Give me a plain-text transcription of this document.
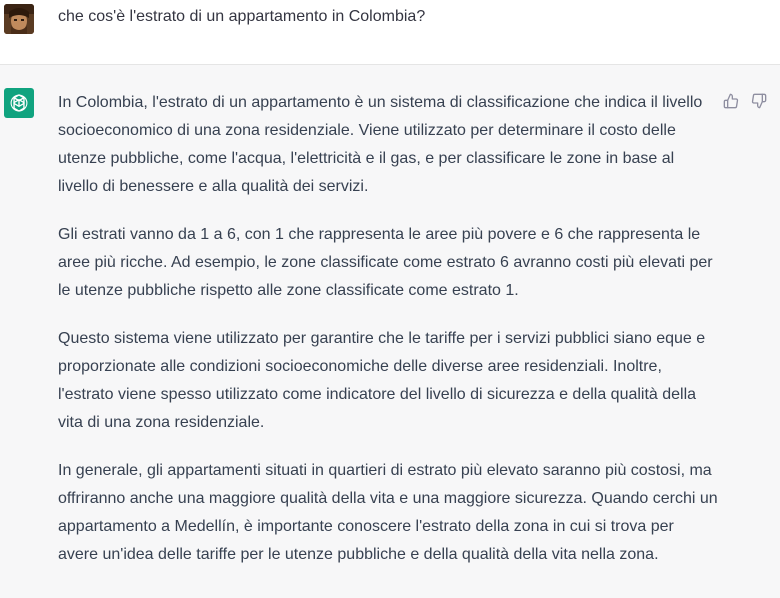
che cos'è l'estrato di un appartamento in Colombia?

In Colombia, l'estrato di un appartamento è un sistema di classificazione che indica il livello socioeconomico di una zona residenziale. Viene utilizzato per determinare il costo delle utenze pubbliche, come l'acqua, l'elettricità e il gas, e per classificare le zone in base al livello di benessere e alla qualità dei servizi.

Gli estrati vanno da 1 a 6, con 1 che rappresenta le aree più povere e 6 che rappresenta le aree più ricche. Ad esempio, le zone classificate come estrato 6 avranno costi più elevati per le utenze pubbliche rispetto alle zone classificate come estrato 1.

Questo sistema viene utilizzato per garantire che le tariffe per i servizi pubblici siano eque e proporzionate alle condizioni socioeconomiche delle diverse aree residenziali. Inoltre, l'estrato viene spesso utilizzato come indicatore del livello di sicurezza e della qualità della vita di una zona residenziale.

In generale, gli appartamenti situati in quartieri di estrato più elevato saranno più costosi, ma offriranno anche una maggiore qualità della vita e una maggiore sicurezza. Quando cerchi un appartamento a Medellín, è importante conoscere l'estrato della zona in cui si trova per avere un'idea delle tariffe per le utenze pubbliche e della qualità della vita nella zona.
